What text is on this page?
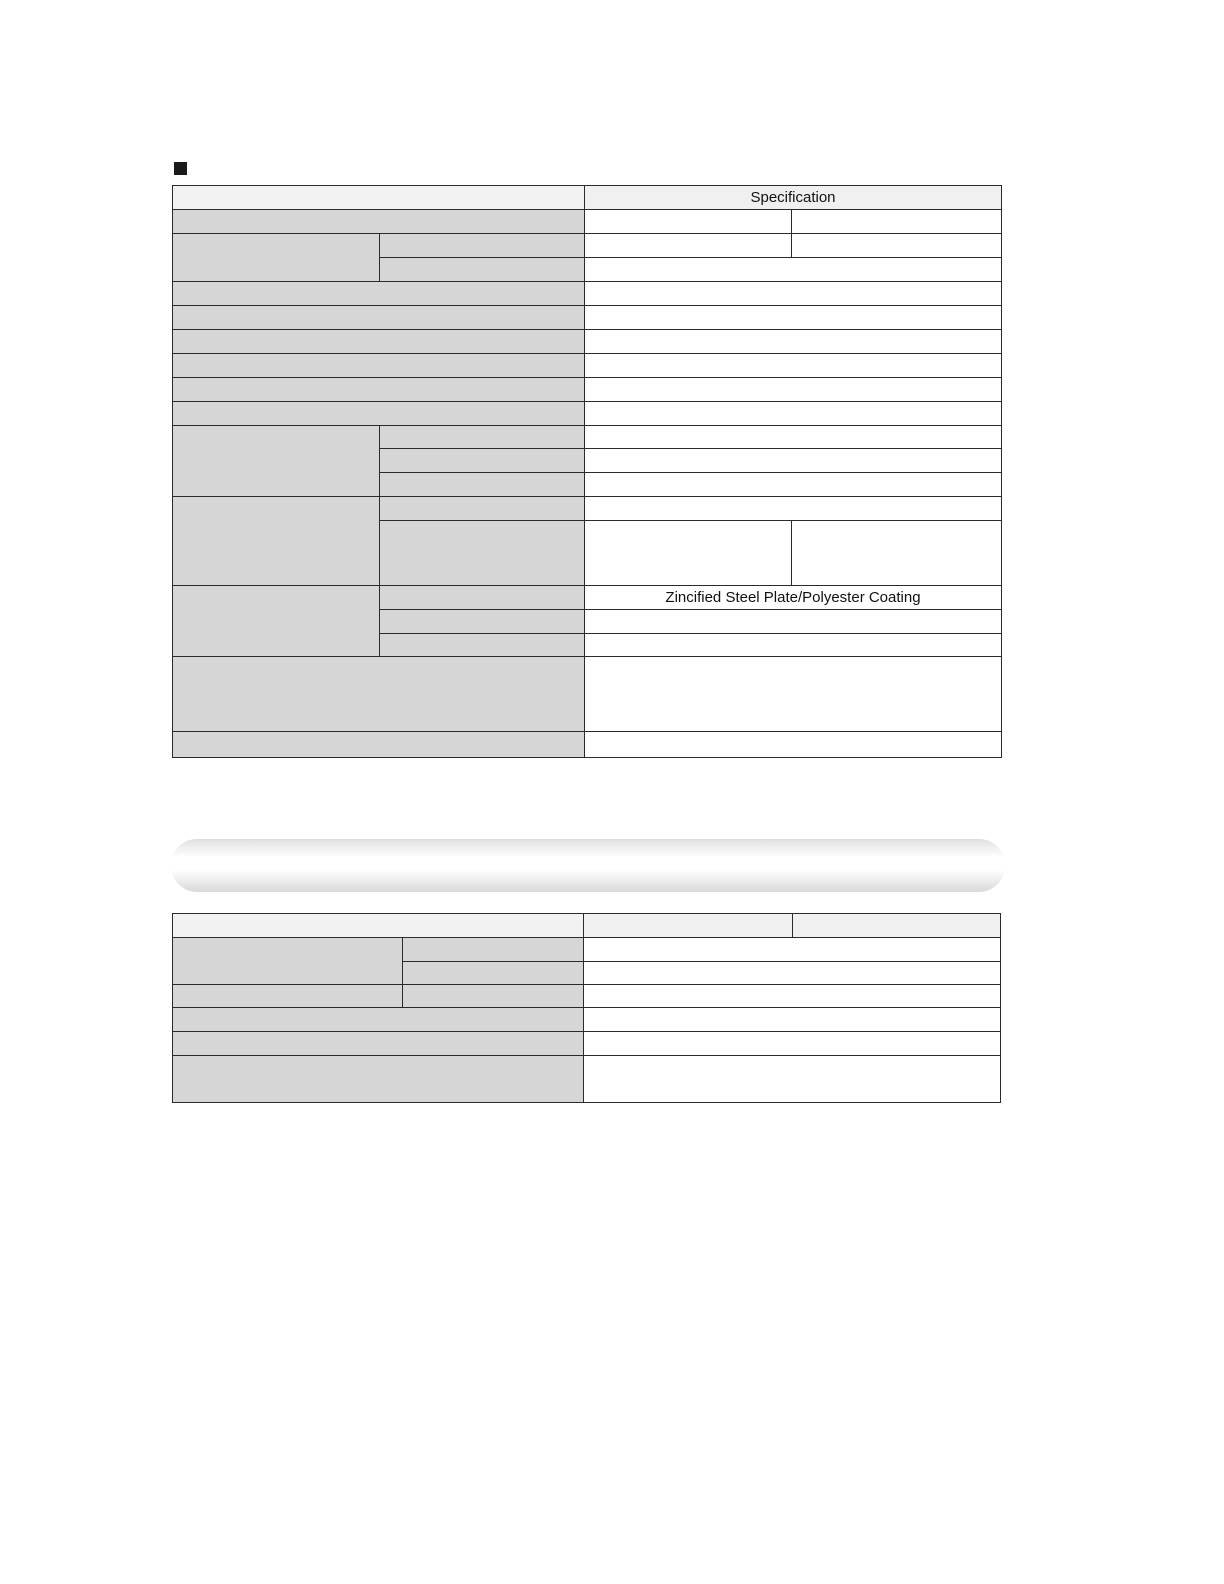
		Specification	

		Zincified Steel Plate/Polyester Coating	
